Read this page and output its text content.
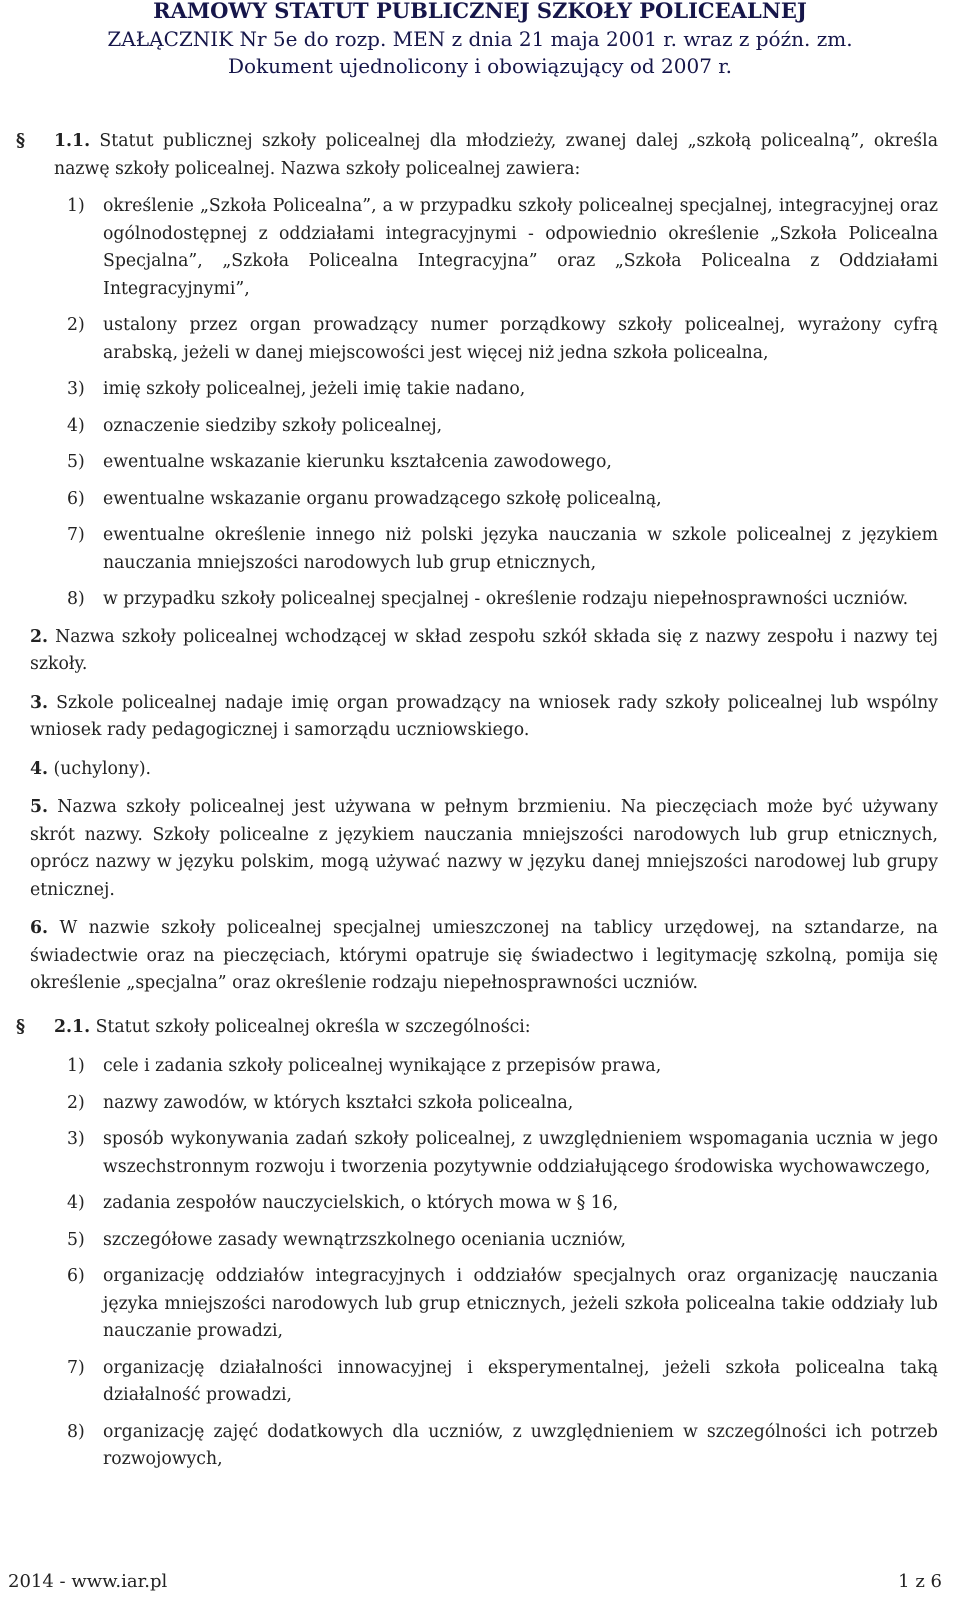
RAMOWY STATUT PUBLICZNEJ SZKOŁY POLICEALNEJ
ZAŁĄCZNIK Nr 5e do rozp. MEN z dnia 21 maja 2001 r. wraz z późn. zm.
Dokument ujednolicony i obowiązujący od 2007 r.

§ 1.1. Statut publicznej szkoły policealnej dla młodzieży, zwanej dalej „szkołą policealną”, określa nazwę szkoły policealnej. Nazwa szkoły policealnej zawiera:

1) określenie „Szkoła Policealna”, a w przypadku szkoły policealnej specjalnej, integracyjnej oraz ogólnodostępnej z oddziałami integracyjnymi - odpowiednio określenie „Szkoła Policealna Specjalna”, „Szkoła Policealna Integracyjna” oraz „Szkoła Policealna z Oddziałami Integracyjnymi”,

2) ustalony przez organ prowadzący numer porządkowy szkoły policealnej, wyrażony cyfrą arabską, jeżeli w danej miejscowości jest więcej niż jedna szkoła policealna,

3) imię szkoły policealnej, jeżeli imię takie nadano,

4) oznaczenie siedziby szkoły policealnej,

5) ewentualne wskazanie kierunku kształcenia zawodowego,

6) ewentualne wskazanie organu prowadzącego szkołę policealną,

7) ewentualne określenie innego niż polski języka nauczania w szkole policealnej z językiem nauczania mniejszości narodowych lub grup etnicznych,

8) w przypadku szkoły policealnej specjalnej - określenie rodzaju niepełnosprawności uczniów.

2. Nazwa szkoły policealnej wchodzącej w skład zespołu szkół składa się z nazwy zespołu i nazwy tej szkoły.

3. Szkole policealnej nadaje imię organ prowadzący na wniosek rady szkoły policealnej lub wspólny wniosek rady pedagogicznej i samorządu uczniowskiego.

4. (uchylony).

5. Nazwa szkoły policealnej jest używana w pełnym brzmieniu. Na pieczęciach może być używany skrót nazwy. Szkoły policealne z językiem nauczania mniejszości narodowych lub grup etnicznych, oprócz nazwy w języku polskim, mogą używać nazwy w języku danej mniejszości narodowej lub grupy etnicznej.

6. W nazwie szkoły policealnej specjalnej umieszczonej na tablicy urzędowej, na sztandarze, na świadectwie oraz na pieczęciach, którymi opatruje się świadectwo i legitymację szkolną, pomija się określenie „specjalna” oraz określenie rodzaju niepełnosprawności uczniów.

§ 2.1. Statut szkoły policealnej określa w szczególności:

1) cele i zadania szkoły policealnej wynikające z przepisów prawa,

2) nazwy zawodów, w których kształci szkoła policealna,

3) sposób wykonywania zadań szkoły policealnej, z uwzględnieniem wspomagania ucznia w jego wszechstronnym rozwoju i tworzenia pozytywnie oddziałującego środowiska wychowawczego,

4) zadania zespołów nauczycielskich, o których mowa w § 16,

5) szczegółowe zasady wewnątrzszkolnego oceniania uczniów,

6) organizację oddziałów integracyjnych i oddziałów specjalnych oraz organizację nauczania języka mniejszości narodowych lub grup etnicznych, jeżeli szkoła policealna takie oddziały lub nauczanie prowadzi,

7) organizację działalności innowacyjnej i eksperymentalnej, jeżeli szkoła policealna taką działalność prowadzi,

8) organizację zajęć dodatkowych dla uczniów, z uwzględnieniem w szczególności ich potrzeb rozwojowych,

2014 - www.iar.pl	1 z 6
